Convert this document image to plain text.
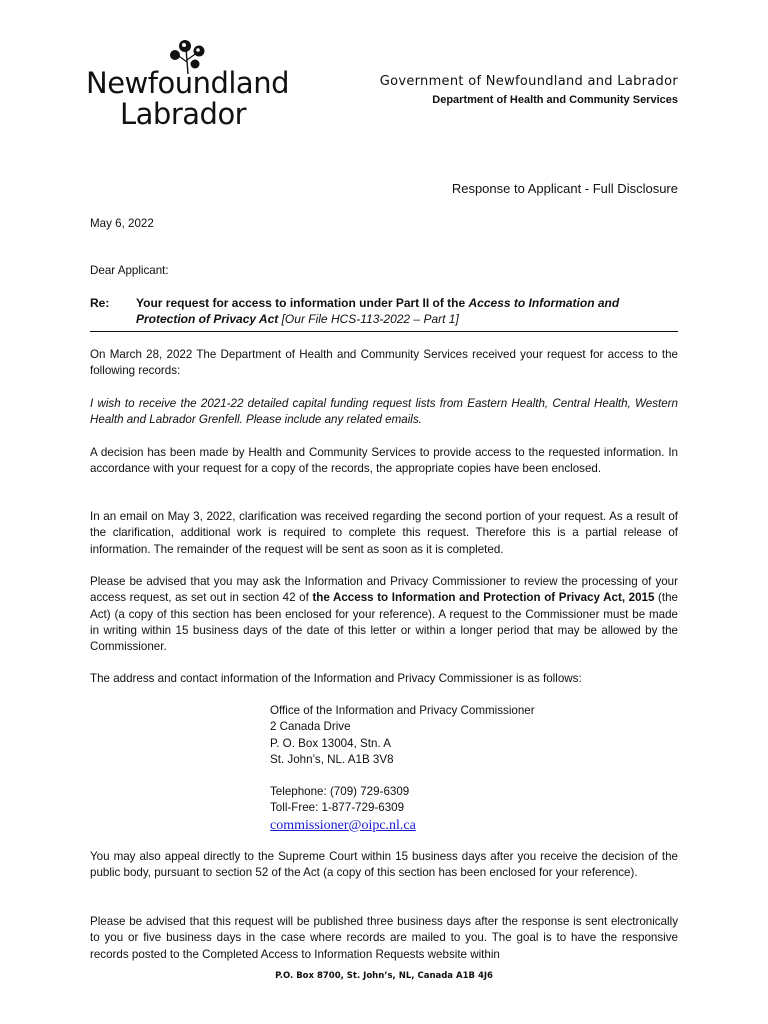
Newfoundland
Labrador
Government of Newfoundland and Labrador
Department of Health and Community Services
Response to Applicant - Full Disclosure
May 6, 2022
Dear Applicant:
Re: Your request for access to information under Part II of the Access to Information and Protection of Privacy Act [Our File HCS-113-2022 – Part 1]

On March 28, 2022 The Department of Health and Community Services received your request for access to the following records:

I wish to receive the 2021-22 detailed capital funding request lists from Eastern Health, Central Health, Western Health and Labrador Grenfell. Please include any related emails.

A decision has been made by Health and Community Services to provide access to the requested information. In accordance with your request for a copy of the records, the appropriate copies have been enclosed.

In an email on May 3, 2022, clarification was received regarding the second portion of your request. As a result of the clarification, additional work is required to complete this request. Therefore this is a partial release of information. The remainder of the request will be sent as soon as it is completed.

Please be advised that you may ask the Information and Privacy Commissioner to review the processing of your access request, as set out in section 42 of the Access to Information and Protection of Privacy Act, 2015 (the Act) (a copy of this section has been enclosed for your reference). A request to the Commissioner must be made in writing within 15 business days of the date of this letter or within a longer period that may be allowed by the Commissioner.

The address and contact information of the Information and Privacy Commissioner is as follows:

Office of the Information and Privacy Commissioner
2 Canada Drive
P. O. Box 13004, Stn. A
St. John’s, NL. A1B 3V8
Telephone: (709) 729-6309
Toll-Free: 1-877-729-6309
commissioner@oipc.nl.ca

You may also appeal directly to the Supreme Court within 15 business days after you receive the decision of the public body, pursuant to section 52 of the Act (a copy of this section has been enclosed for your reference).

Please be advised that this request will be published three business days after the response is sent electronically to you or five business days in the case where records are mailed to you. The goal is to have the responsive records posted to the Completed Access to Information Requests website within

P.O. Box 8700, St. John’s, NL, Canada A1B 4J6
